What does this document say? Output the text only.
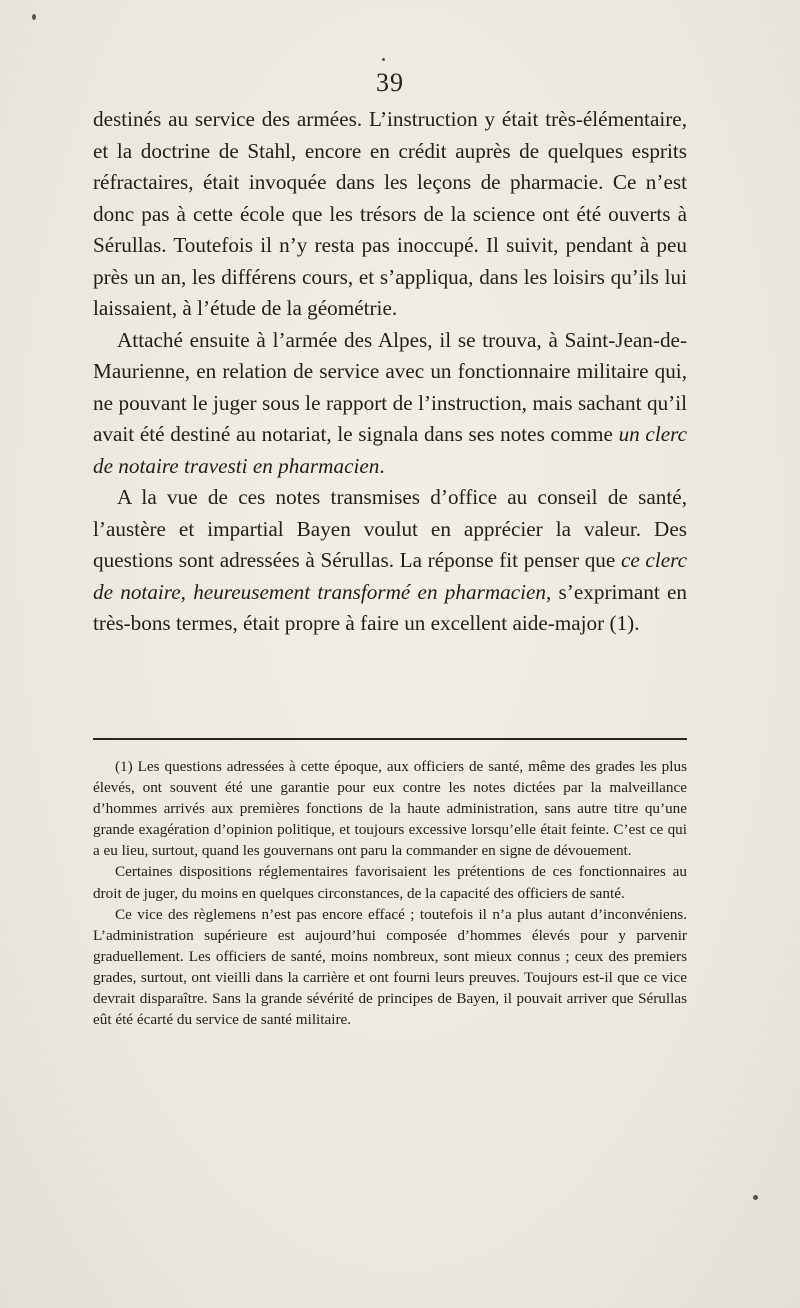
39

destinés au service des armées. L’instruction y était très-élémentaire, et la doctrine de Stahl, encore en crédit auprès de quelques esprits réfractaires, était invoquée dans les leçons de pharmacie. Ce n’est donc pas à cette école que les trésors de la science ont été ouverts à Sérullas. Toutefois il n’y resta pas inoccupé. Il suivit, pendant à peu près un an, les différens cours, et s’appliqua, dans les loisirs qu’ils lui laissaient, à l’étude de la géométrie.

Attaché ensuite à l’armée des Alpes, il se trouva, à Saint-Jean-de-Maurienne, en relation de service avec un fonctionnaire militaire qui, ne pouvant le juger sous le rapport de l’instruction, mais sachant qu’il avait été destiné au notariat, le signala dans ses notes comme un clerc de notaire travesti en pharmacien.

A la vue de ces notes transmises d’office au conseil de santé, l’austère et impartial Bayen voulut en apprécier la valeur. Des questions sont adressées à Sérullas. La réponse fit penser que ce clerc de notaire, heureusement transformé en pharmacien, s’exprimant en très-bons termes, était propre à faire un excellent aide-major (1).

(1) Les questions adressées à cette époque, aux officiers de santé, même des grades les plus élevés, ont souvent été une garantie pour eux contre les notes dictées par la malveillance d’hommes arrivés aux premières fonctions de la haute administration, sans autre titre qu’une grande exagération d’opinion politique, et toujours excessive lorsqu’elle était feinte. C’est ce qui a eu lieu, surtout, quand les gouvernans ont paru la commander en signe de dévouement.

Certaines dispositions réglementaires favorisaient les prétentions de ces fonctionnaires au droit de juger, du moins en quelques circonstances, de la capacité des officiers de santé.

Ce vice des règlemens n’est pas encore effacé ; toutefois il n’a plus autant d’inconvéniens. L’administration supérieure est aujourd’hui composée d’hommes élevés pour y parvenir graduellement. Les officiers de santé, moins nombreux, sont mieux connus ; ceux des premiers grades, surtout, ont vieilli dans la carrière et ont fourni leurs preuves. Toujours est-il que ce vice devrait disparaître. Sans la grande sévérité de principes de Bayen, il pouvait arriver que Sérullas eût été écarté du service de santé militaire.
